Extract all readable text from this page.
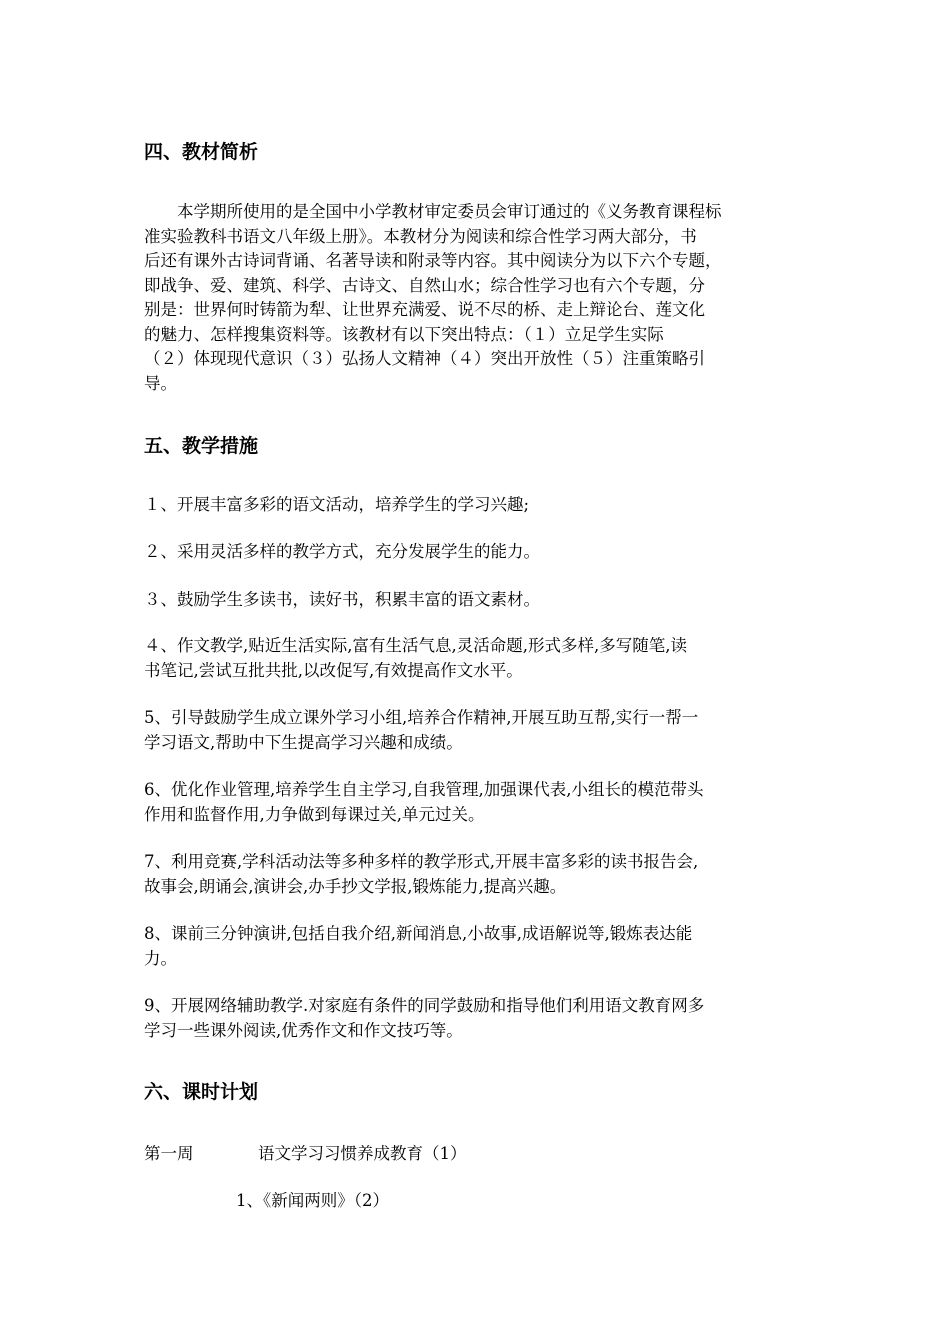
四、教材简析
本学期所使用的是全国中小学教材审定委员会审订通过的《义务教育课程标
准实验教科书语文八年级上册》。本教材分为阅读和综合性学习两大部分，书
后还有课外古诗词背诵、名著导读和附录等内容。其中阅读分为以下六个专题，
即战争、爱、建筑、科学、古诗文、自然山水；综合性学习也有六个专题，分
别是：世界何时铸箭为犁、让世界充满爱、说不尽的桥、走上辩论台、莲文化
的魅力、怎样搜集资料等。该教材有以下突出特点：（１）立足学生实际
（２）体现现代意识（３）弘扬人文精神（４）突出开放性（５）注重策略引
导。
五、教学措施
１、开展丰富多彩的语文活动，培养学生的学习兴趣;
２、采用灵活多样的教学方式，充分发展学生的能力。
３、鼓励学生多读书，读好书，积累丰富的语文素材。
４、作文教学,贴近生活实际,富有生活气息,灵活命题,形式多样,多写随笔,读
书笔记,尝试互批共批,以改促写,有效提高作文水平。
5、引导鼓励学生成立课外学习小组,培养合作精神,开展互助互帮,实行一帮一
学习语文,帮助中下生提高学习兴趣和成绩。
6、优化作业管理,培养学生自主学习,自我管理,加强课代表,小组长的模范带头
作用和监督作用,力争做到每课过关,单元过关。
7、利用竞赛,学科活动法等多种多样的教学形式,开展丰富多彩的读书报告会,
故事会,朗诵会,演讲会,办手抄文学报,锻炼能力,提高兴趣。
8、课前三分钟演讲,包括自我介绍,新闻消息,小故事,成语解说等,锻炼表达能
力。
9、开展网络辅助教学.对家庭有条件的同学鼓励和指导他们利用语文教育网多
学习一些课外阅读,优秀作文和作文技巧等。
六、课时计划
第一周	语文学习习惯养成教育（1）
1、《新闻两则》（2）
